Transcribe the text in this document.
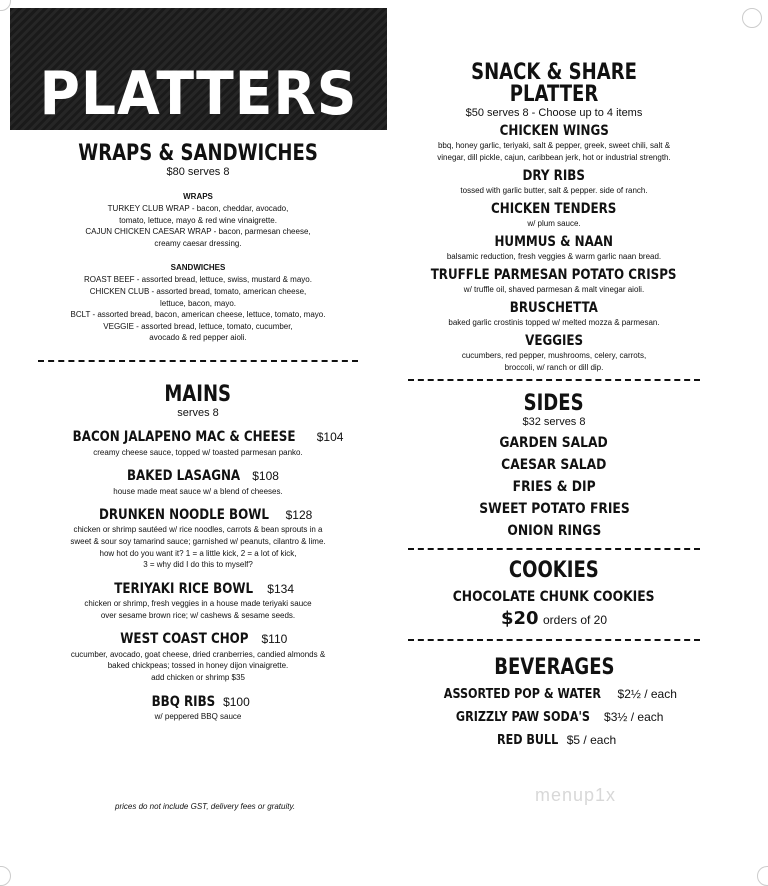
PLATTERS
WRAPS & SANDWICHES

$80 serves 8

WRAPS

TURKEY CLUB WRAP - bacon, cheddar, avocado,

tomato, lettuce, mayo & red wine vinaigrette.

CAJUN CHICKEN CAESAR WRAP - bacon, parmesan cheese,

creamy caesar dressing.

SANDWICHES

ROAST BEEF - assorted bread, lettuce, swiss, mustard & mayo.

CHICKEN CLUB - assorted bread, tomato, american cheese,

lettuce, bacon, mayo.

BCLT - assorted bread, bacon, american cheese, lettuce, tomato, mayo.

VEGGIE - assorted bread, lettuce, tomato, cucumber,

avocado & red pepper aioli.

MAINS

serves 8

BACON JALAPENO MAC & CHEESE $104

creamy cheese sauce, topped w/ toasted parmesan panko.

BAKED LASAGNA $108

house made meat sauce w/ a blend of cheeses.

DRUNKEN NOODLE BOWL $128

chicken or shrimp sautéed w/ rice noodles, carrots & bean sprouts in a

sweet & sour soy tamarind sauce; garnished w/ peanuts, cilantro & lime.

how hot do you want it? 1 = a little kick, 2 = a lot of kick,

3 = why did I do this to myself?

TERIYAKI RICE BOWL $134

chicken or shrimp, fresh veggies in a house made teriyaki sauce

over sesame brown rice; w/ cashews & sesame seeds.

WEST COAST CHOP $110

cucumber, avocado, goat cheese, dried cranberries, candied almonds &

baked chickpeas; tossed in honey dijon vinaigrette.

add chicken or shrimp $35

BBQ RIBS $100

w/ peppered BBQ sauce

SNACK & SHARE PLATTER

$50 serves 8 - Choose up to 4 items

CHICKEN WINGS

bbq, honey garlic, teriyaki, salt & pepper, greek, sweet chili, salt &

vinegar, dill pickle, cajun, caribbean jerk, hot or industrial strength.

DRY RIBS

tossed with garlic butter, salt & pepper. side of ranch.

CHICKEN TENDERS

w/ plum sauce.

HUMMUS & NAAN

balsamic reduction, fresh veggies & warm garlic naan bread.

TRUFFLE PARMESAN POTATO CRISPS

w/ truffle oil, shaved parmesan & malt vinegar aioli.

BRUSCHETTA

baked garlic crostinis topped w/ melted mozza & parmesan.

VEGGIES

cucumbers, red pepper, mushrooms, celery, carrots,

broccoli, w/ ranch or dill dip.

SIDES

$32 serves 8

GARDEN SALAD

CAESAR SALAD

FRIES & DIP

SWEET POTATO FRIES

ONION RINGS

COOKIES

CHOCOLATE CHUNK COOKIES

$20 orders of 20

BEVERAGES

ASSORTED POP & WATER $2½ / each

GRIZZLY PAW SODA'S $3½ / each

RED BULL $5 / each

prices do not include GST, delivery fees or gratuity.
menup1x
